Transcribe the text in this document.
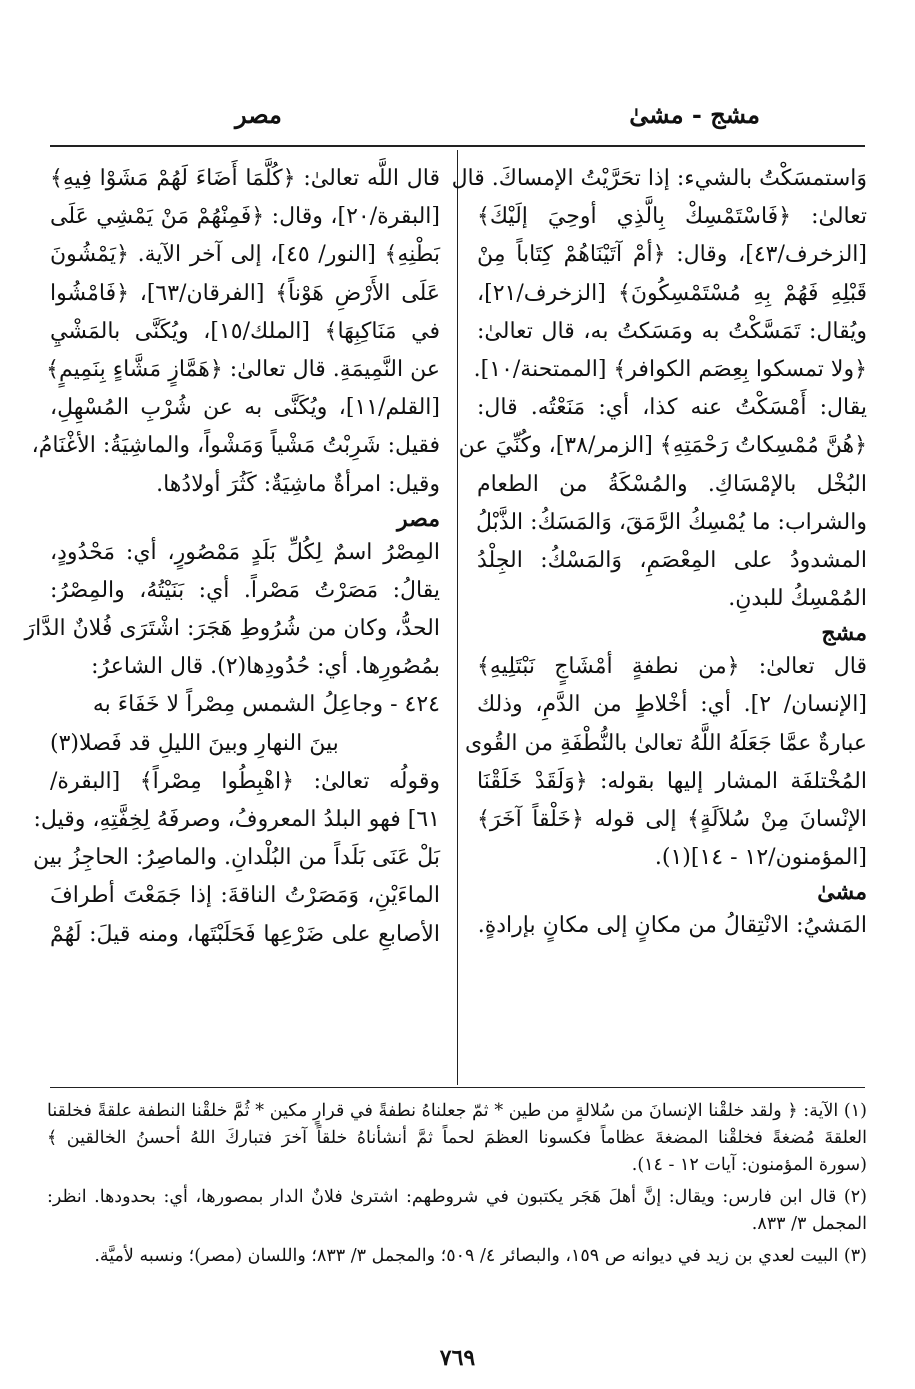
مشج - مشىٰ
مصر
وَاستمسَكْتُ بالشيء: إذا تحَرَّيْتُ الإمساكَ. قال
تعالىٰ: ﴿فَاسْتَمْسِكْ بِالَّذِي أوحِيَ إلَيْكَ﴾
[الزخرف/٤٣]، وقال: ﴿أمْ آتَيْنَاهُمْ كِتَاباً مِنْ
قَبْلِهِ فَهُمْ بِهِ مُسْتَمْسِكُونَ﴾ [الزخرف/٢١]،
ويُقال: تَمَسَّكْتُ به ومَسَكتُ به، قال تعالىٰ:
﴿ولا تمسكوا بِعِصَم الكوافر﴾ [الممتحنة/١٠].
يقال: أَمْسَكْتُ عنه كذا، أي: مَنَعْتُه. قال:
﴿هُنَّ مُمْسِكاتُ رَحْمَتِهِ﴾ [الزمر/٣٨]، وكُنِّيَ عن
البُخْل بالإمْسَاكِ. والمُسْكَةُ من الطعام
والشراب: ما يُمْسِكُ الرَّمَقَ، وَالمَسَكُ: الذَّبْلُ
المشدودُ على المِعْصَمِ، وَالمَسْكُ: الجِلْدُ
المُمْسِكُ للبدنِ.
مشج
قال تعالىٰ: ﴿من نطفةٍ أمْشَاجٍ نَبْتَلِيهِ﴾
[الإنسان/ ٢]. أي: أخْلاطٍ من الدَّمِ، وذلك
عبارةٌ عمَّا جَعَلَهُ اللَّهُ تعالىٰ بالنُّطْفَةِ من القُوى
المُخْتلفَة المشار إليها بقوله: ﴿وَلَقَدْ خَلَقْنَا
الإنْسانَ مِنْ سُلاَلَةٍ﴾ إلى قوله ﴿خَلْقاً آخَرَ﴾
[المؤمنون/١٢ - ١٤](١).
مشىٰ
المَشيُ: الانْتِقالُ من مكانٍ إلى مكانٍ بإرادةٍ.
قال اللَّه تعالىٰ: ﴿كُلَّمَا أَضَاءَ لَهُمْ مَشَوْا فِيهِ﴾
[البقرة/٢٠]، وقال: ﴿فَمِنْهُمْ مَنْ يَمْشِي عَلَى
بَطْنِهِ﴾ [النور/ ٤٥]، إلى آخر الآية. ﴿يَمْشُونَ
عَلَى الأَرْضِ هَوْناً﴾ [الفرقان/٦٣]، ﴿فَامْشُوا
في مَنَاكِبِهَا﴾ [الملك/١٥]، ويُكَنَّى بالمَشْيِ
عن النَّمِيمَةِ. قال تعالىٰ: ﴿هَمَّازٍ مَشَّاءٍ بِنَمِيمٍ﴾
[القلم/١١]، ويُكَنَّى به عن شُرْبِ المُسْهِلِ،
فقيل: شَرِبْتُ مَشْياً وَمَشْواً، والماشِيَةُ: الأغْنَامُ،
وقيل: امرأةٌ ماشِيَةٌ: كَثُرَ أولادُها.
مصر
المِصْرُ اسمٌ لِكُلِّ بَلَدٍ مَمْصُورٍ، أي: مَحْدُودٍ،
يقالُ: مَصَرْتُ مَصْراً. أي: بَنَيْتُهُ، والمِصْرُ:
الحدُّ، وكان من شُرُوطِ هَجَرَ: اشْتَرَى فُلانٌ الدَّارَ
بمُصُورِها. أي: حُدُودِها(٢). قال الشاعرُ:
٤٢٤ - وجاعِلُ الشمس مِصْراً لا خَفَاءَ به
بينَ النهارِ وبينَ الليلِ قد فَصلا(٣)
وقولُه تعالىٰ: ﴿اهْبِطُوا مِصْراً﴾ [البقرة/
٦١] فهو البلدُ المعروفُ، وصرفَهُ لِخِفَّتِهِ، وقيل:
بَلْ عَنَى بَلَداً من البُلْدانِ. والماصِرُ: الحاجِزُ بين
الماءَيْنِ، وَمَصَرْتُ الناقةَ: إذا جَمَعْتَ أطرافَ
الأصابعِ على ضَرْعِها فَحَلَبْتَها، ومنه قيلَ: لَهُمْ

(١) الآية: ﴿ ولقد خلقْنا الإنسانَ من سُلالةٍ من طين * ثمّ جعلناهُ نطفةً في قرارٍ مكين * ثُمَّ خلقْنا النطفة علقةً فخلقنا
العلقةَ مُضغةً فخلقْنا المضغةَ عظاماً فكسونا العظمَ لحماً ثمَّ أنشأناهُ خلقاً آخرَ فتباركَ اللهُ أحسنُ الخالقين ﴾
(سورة المؤمنون: آيات ١٢ - ١٤).

(٢) قال ابن فارس: ويقال: إنَّ أهلَ هَجَر يكتبون في شروطهم: اشترىٰ فلانٌ الدار بمصورها، أي: بحدودها. انظر:
المجمل ٣/ ٨٣٣.

(٣) البيت لعدي بن زيد في ديوانه ص ١٥٩، والبصائر ٤/ ٥٠٩؛ والمجمل ٣/ ٨٣٣؛ واللسان (مصر)؛ ونسبه لأميَّة.

٧٦٩
